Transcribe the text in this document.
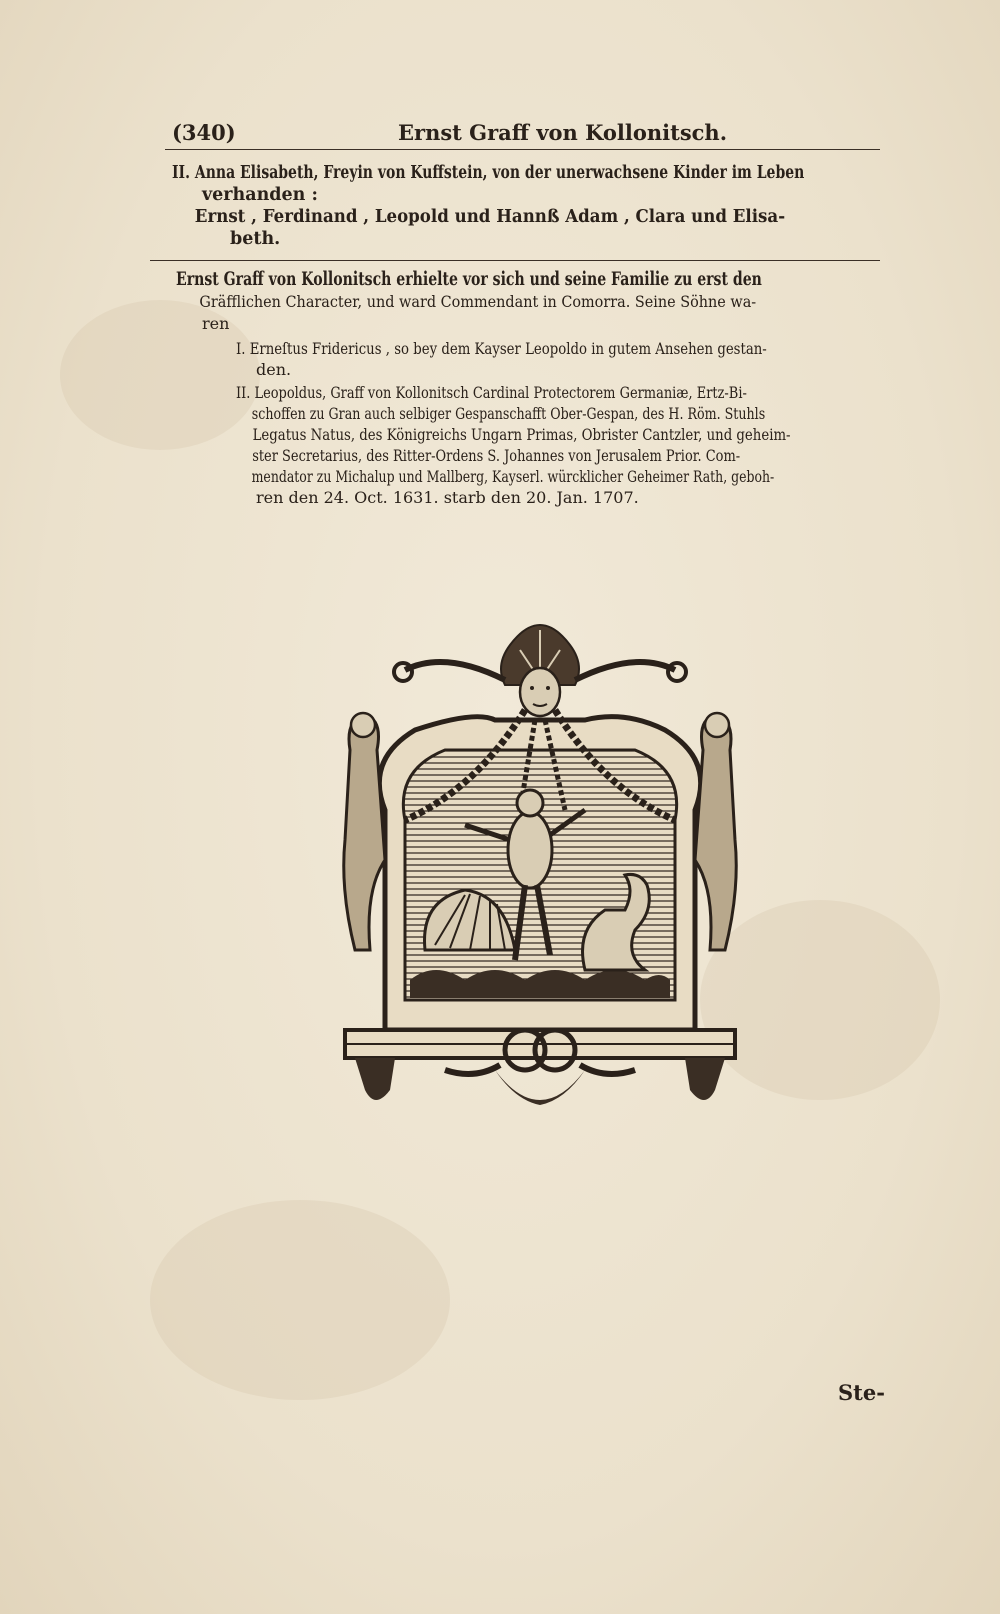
(340)	Ernst Graff von Kollonitsch.
II. Anna Elisabeth, Freyin von Kuffstein, von der unerwachsene Kinder im Leben
verhanden :
Ernst , Ferdinand , Leopold und Hannß Adam , Clara und Elisa-
beth.
Ernst Graff von Kollonitsch erhielte vor sich und seine Familie zu erst den
Gräfflichen Character, und ward Commendant in Comorra. Seine Söhne wa-
ren
I. Erneſtus Fridericus , so bey dem Kayser Leopoldo in gutem Ansehen gestan-
den.
II. Leopoldus, Graff von Kollonitsch Cardinal Protectorem Germaniæ, Ertz-Bi-
schoffen zu Gran auch selbiger Gespanschafft Ober-Gespan, des H. Röm. Stuhls
Legatus Natus, des Königreichs Ungarn Primas, Obrister Cantzler, und geheim-
ster Secretarius, des Ritter-Ordens S. Johannes von Jerusalem Prior. Com-
mendator zu Michalup und Mallberg, Kayserl. würcklicher Geheimer Rath, geboh-
ren den 24. Oct. 1631. starb den 20. Jan. 1707.
Ste-
